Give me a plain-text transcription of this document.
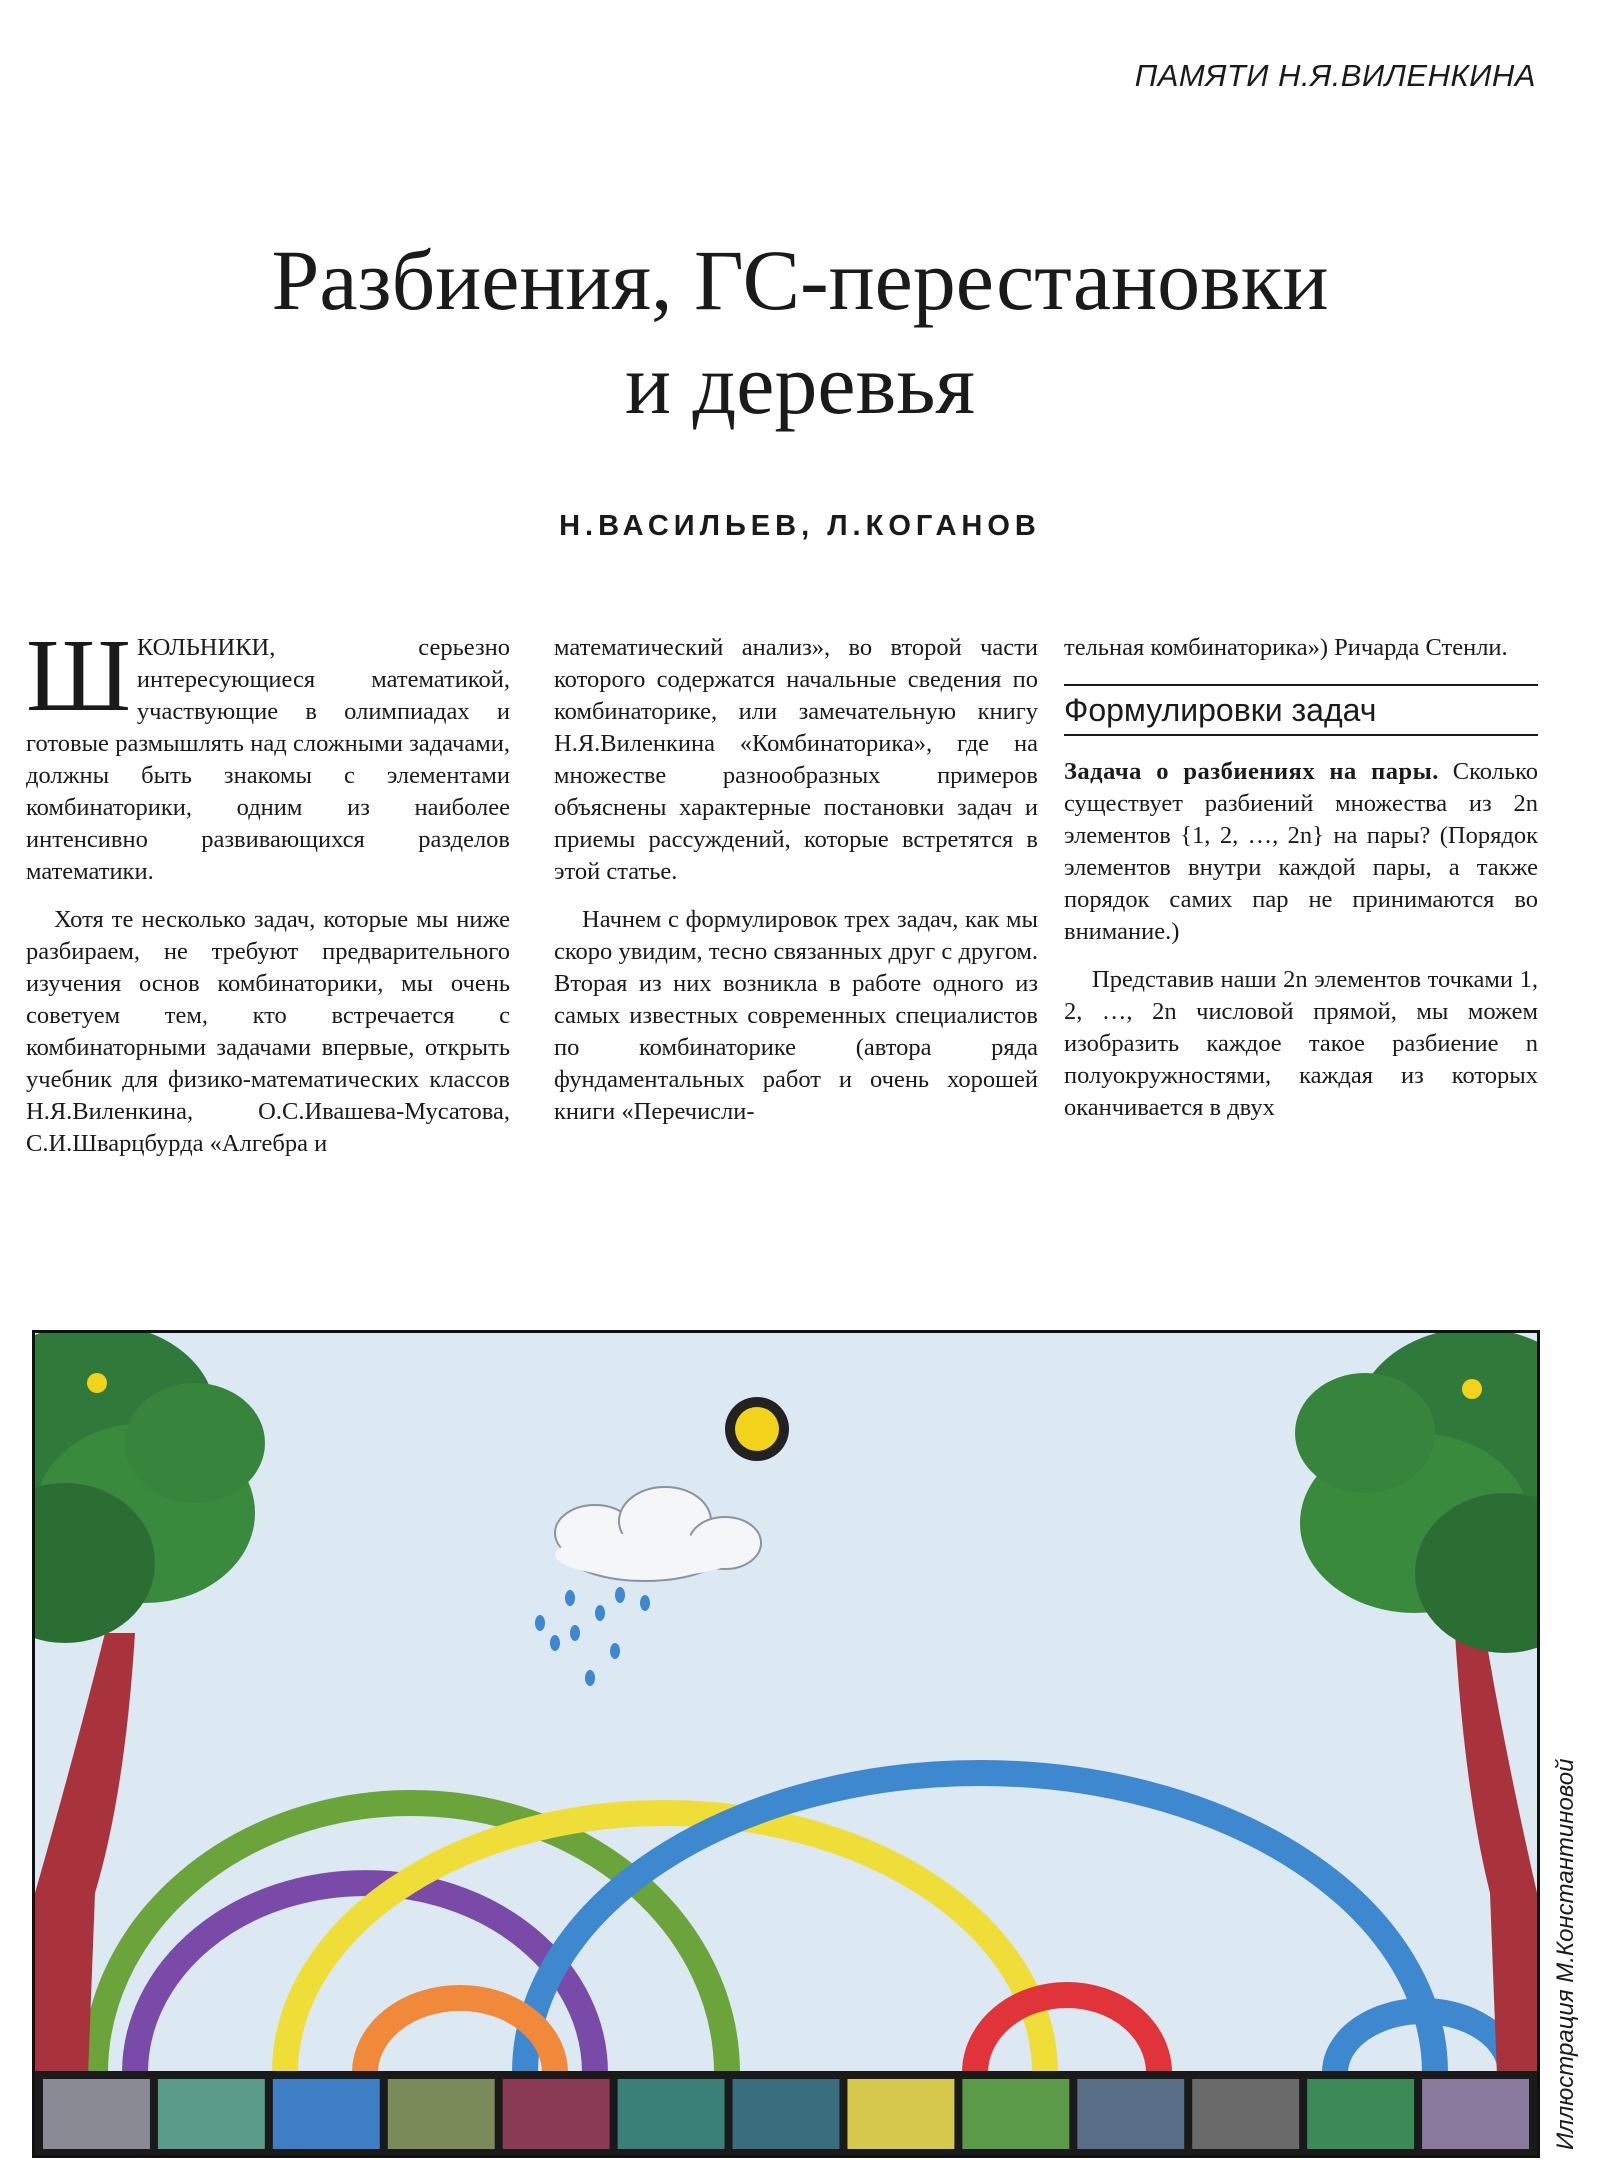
ПАМЯТИ Н.Я.ВИЛЕНКИНА
Разбиения, ГС-перестановки
и деревья
Н.ВАСИЛЬЕВ, Л.КОГАНОВ

ШКОЛЬНИКИ, серьезно интересующиеся математикой, участвующие в олимпиадах и готовые размышлять над сложными задачами, должны быть знакомы с элементами комбинаторики, одним из наиболее интенсивно развивающихся разделов математики.

Хотя те несколько задач, которые мы ниже разбираем, не требуют предварительного изучения основ комбинаторики, мы очень советуем тем, кто встречается с комбинаторными задачами впервые, открыть учебник для физико-математических классов Н.Я.Виленкина, О.С.Ивашева-Мусатова, С.И.Шварцбурда «Алгебра и

математический анализ», во второй части которого содержатся начальные сведения по комбинаторике, или замечательную книгу Н.Я.Виленкина «Комбинаторика», где на множестве разнообразных примеров объяснены характерные постановки задач и приемы рассуждений, которые встретятся в этой статье.

Начнем с формулировок трех задач, как мы скоро увидим, тесно связанных друг с другом. Вторая из них возникла в работе одного из самых известных современных специалистов по комбинаторике (автора ряда фундаментальных работ и очень хорошей книги «Перечисли-

тельная комбинаторика») Ричарда Стенли.

Формулировки задач

Задача о разбиениях на пары. Сколько существует разбиений множества из 2n элементов {1, 2, …, 2n} на пары? (Порядок элементов внутри каждой пары, а также порядок самих пар не принимаются во внимание.)

Представив наши 2n элементов точками 1, 2, …, 2n числовой прямой, мы можем изобразить каждое такое разбиение n полуокружностями, каждая из которых оканчивается в двух

Иллюстрация М.Константиновой
